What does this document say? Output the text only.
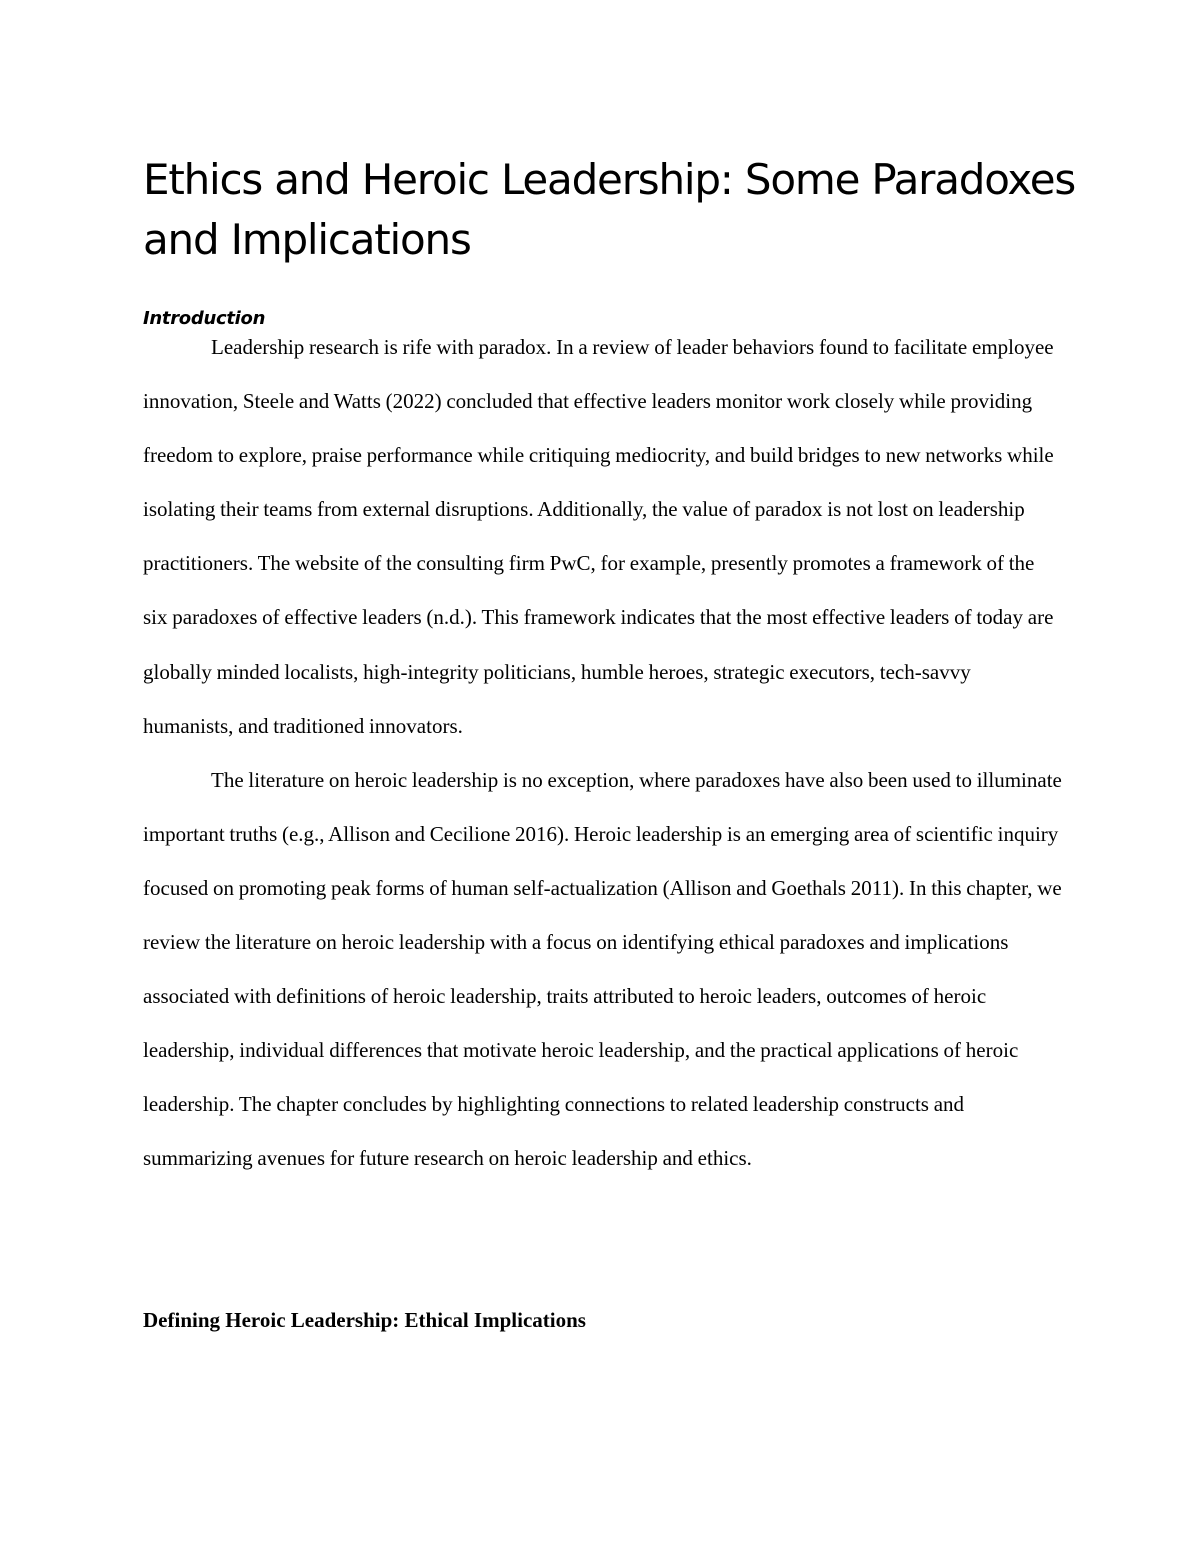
Ethics and Heroic Leadership: Some Paradoxes and Implications
Introduction

Leadership research is rife with paradox. In a review of leader behaviors found to facilitate employee innovation, Steele and Watts (2022) concluded that effective leaders monitor work closely while providing freedom to explore, praise performance while critiquing mediocrity, and build bridges to new networks while isolating their teams from external disruptions. Additionally, the value of paradox is not lost on leadership practitioners. The website of the consulting firm PwC, for example, presently promotes a framework of the six paradoxes of effective leaders (n.d.). This framework indicates that the most effective leaders of today are globally minded localists, high-integrity politicians, humble heroes, strategic executors, tech-savvy humanists, and traditioned innovators.

The literature on heroic leadership is no exception, where paradoxes have also been used to illuminate important truths (e.g., Allison and Cecilione 2016). Heroic leadership is an emerging area of scientific inquiry focused on promoting peak forms of human self-actualization (Allison and Goethals 2011). In this chapter, we review the literature on heroic leadership with a focus on identifying ethical paradoxes and implications associated with definitions of heroic leadership, traits attributed to heroic leaders, outcomes of heroic leadership, individual differences that motivate heroic leadership, and the practical applications of heroic leadership. The chapter concludes by highlighting connections to related leadership constructs and summarizing avenues for future research on heroic leadership and ethics.

Defining Heroic Leadership: Ethical Implications
